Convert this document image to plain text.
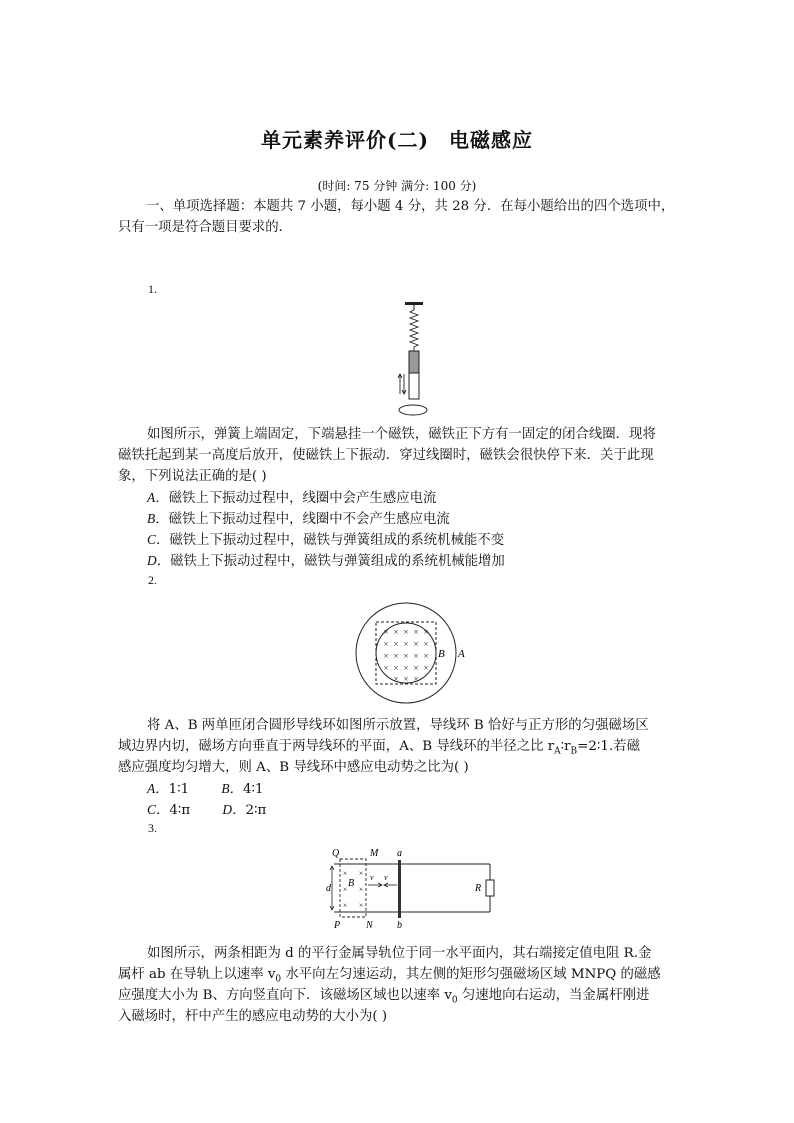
单元素养评价(二) 电磁感应
(时间: 75 分钟 满分: 100 分)
一、单项选择题：本题共 7 小题，每小题 4 分，共 28 分．在每小题给出的四个选项中，
只有一项是符合题目要求的．
1.
如图所示，弹簧上端固定，下端悬挂一个磁铁，磁铁正下方有一固定的闭合线圈．现将
磁铁托起到某一高度后放开，使磁铁上下振动．穿过线圈时，磁铁会很快停下来．关于此现
象，下列说法正确的是( )
A．磁铁上下振动过程中，线圈中会产生感应电流
B．磁铁上下振动过程中，线圈中不会产生感应电流
C．磁铁上下振动过程中，磁铁与弹簧组成的系统机械能不变
D．磁铁上下振动过程中，磁铁与弹簧组成的系统机械能增加
2.
× × × × ×
× × × × ×
× × × × ×
× × × × ×
× × ×
B A
将 A、B 两单匝闭合圆形导线环如图所示放置，导线环 B 恰好与正方形的匀强磁场区
域边界内切，磁场方向垂直于两导线环的平面，A、B 导线环的半径之比 $r_A∶r_B=2∶1$.若磁
感应强度均匀增大，则 A、B 导线环中感应电动势之比为( )
A．1∶1 B．4∶1
C．4∶π D．2∶π
3.
R
× ×
× ×
× ×
B
d
v v
Q	M a
P	N b
如图所示，两条相距为 d 的平行金属导轨位于同一水平面内，其右端接定值电阻 R.金
属杆 ab 在导轨上以速率 $v_0$ 水平向左匀速运动，其左侧的矩形匀强磁场区域 MNPQ 的磁感
应强度大小为 B、方向竖直向下．该磁场区域也以速率 $v_0$ 匀速地向右运动，当金属杆刚进
入磁场时，杆中产生的感应电动势的大小为( )
